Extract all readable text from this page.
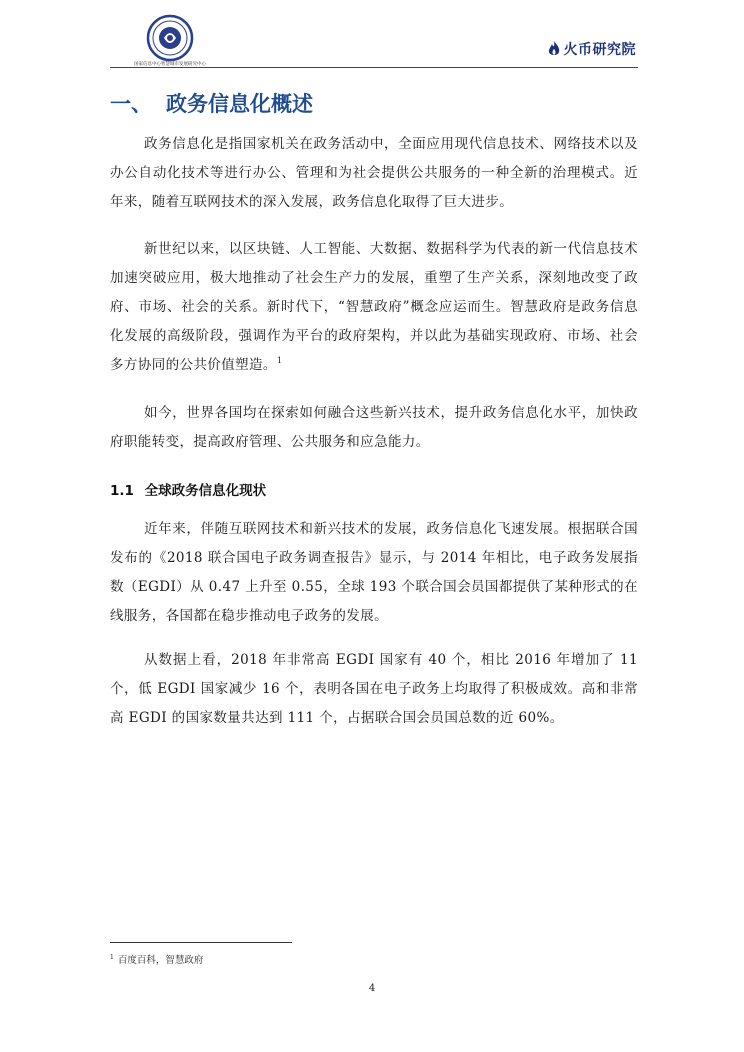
国家信息中心智慧城市发展研究中心
火币研究院
一、 政务信息化概述

政务信息化是指国家机关在政务活动中，全面应用现代信息技术、网络技术以及办公自动化技术等进行办公、管理和为社会提供公共服务的一种全新的治理模式。近年来，随着互联网技术的深入发展，政务信息化取得了巨大进步。

新世纪以来，以区块链、人工智能、大数据、数据科学为代表的新一代信息技术加速突破应用，极大地推动了社会生产力的发展，重塑了生产关系，深刻地改变了政府、市场、社会的关系。新时代下，“智慧政府”概念应运而生。智慧政府是政务信息化发展的高级阶段，强调作为平台的政府架构，并以此为基础实现政府、市场、社会多方协同的公共价值塑造。$^1$

如今，世界各国均在探索如何融合这些新兴技术，提升政务信息化水平，加快政府职能转变，提高政府管理、公共服务和应急能力。

1.1 全球政务信息化现状

近年来，伴随互联网技术和新兴技术的发展，政务信息化飞速发展。根据联合国发布的《2018 联合国电子政务调查报告》显示，与 2014 年相比，电子政务发展指数（EGDI）从 0.47 上升至 0.55，全球 193 个联合国会员国都提供了某种形式的在线服务，各国都在稳步推动电子政务的发展。

从数据上看，2018 年非常高 EGDI 国家有 40 个，相比 2016 年增加了 11 个，低 EGDI 国家减少 16 个，表明各国在电子政务上均取得了积极成效。高和非常高 EGDI 的国家数量共达到 111 个，占据联合国会员国总数的近 60%。

$^1$ 百度百科，智慧政府
4
